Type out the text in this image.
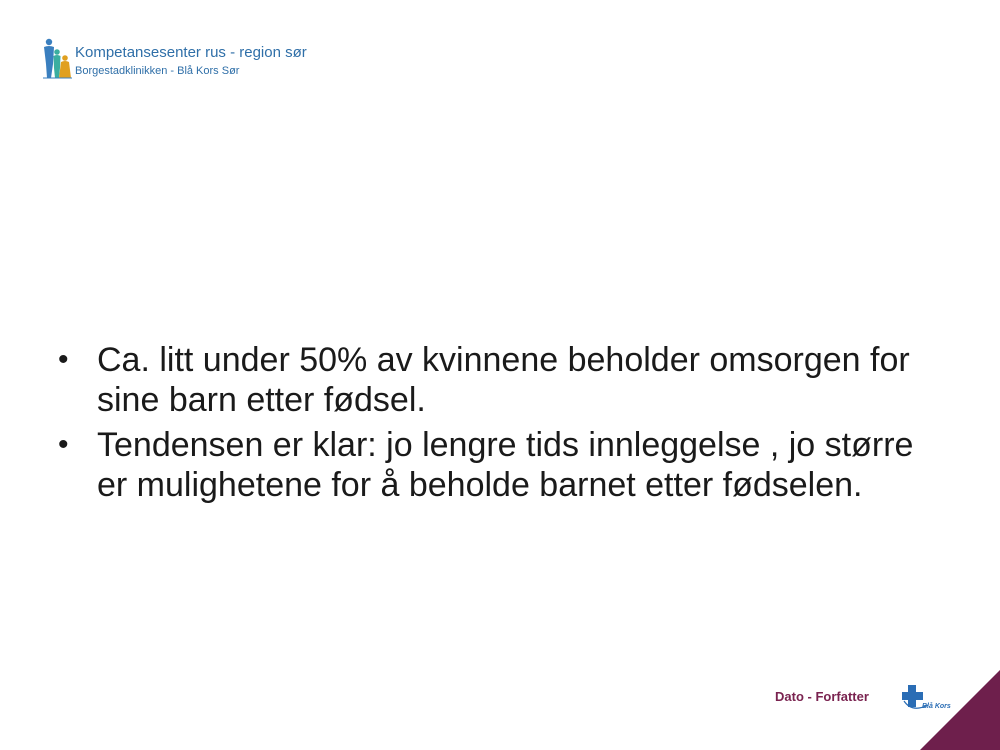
Kompetansesenter rus - region sør
Borgestadklinikken - Blå Kors Sør
• Ca. litt under 50% av kvinnene beholder omsorgen for sine barn etter fødsel.
• Tendensen er klar: jo lengre tids innleggelse , jo større er mulighetene for å beholde barnet etter fødselen.
Dato - Forfatter
Blå Kors
